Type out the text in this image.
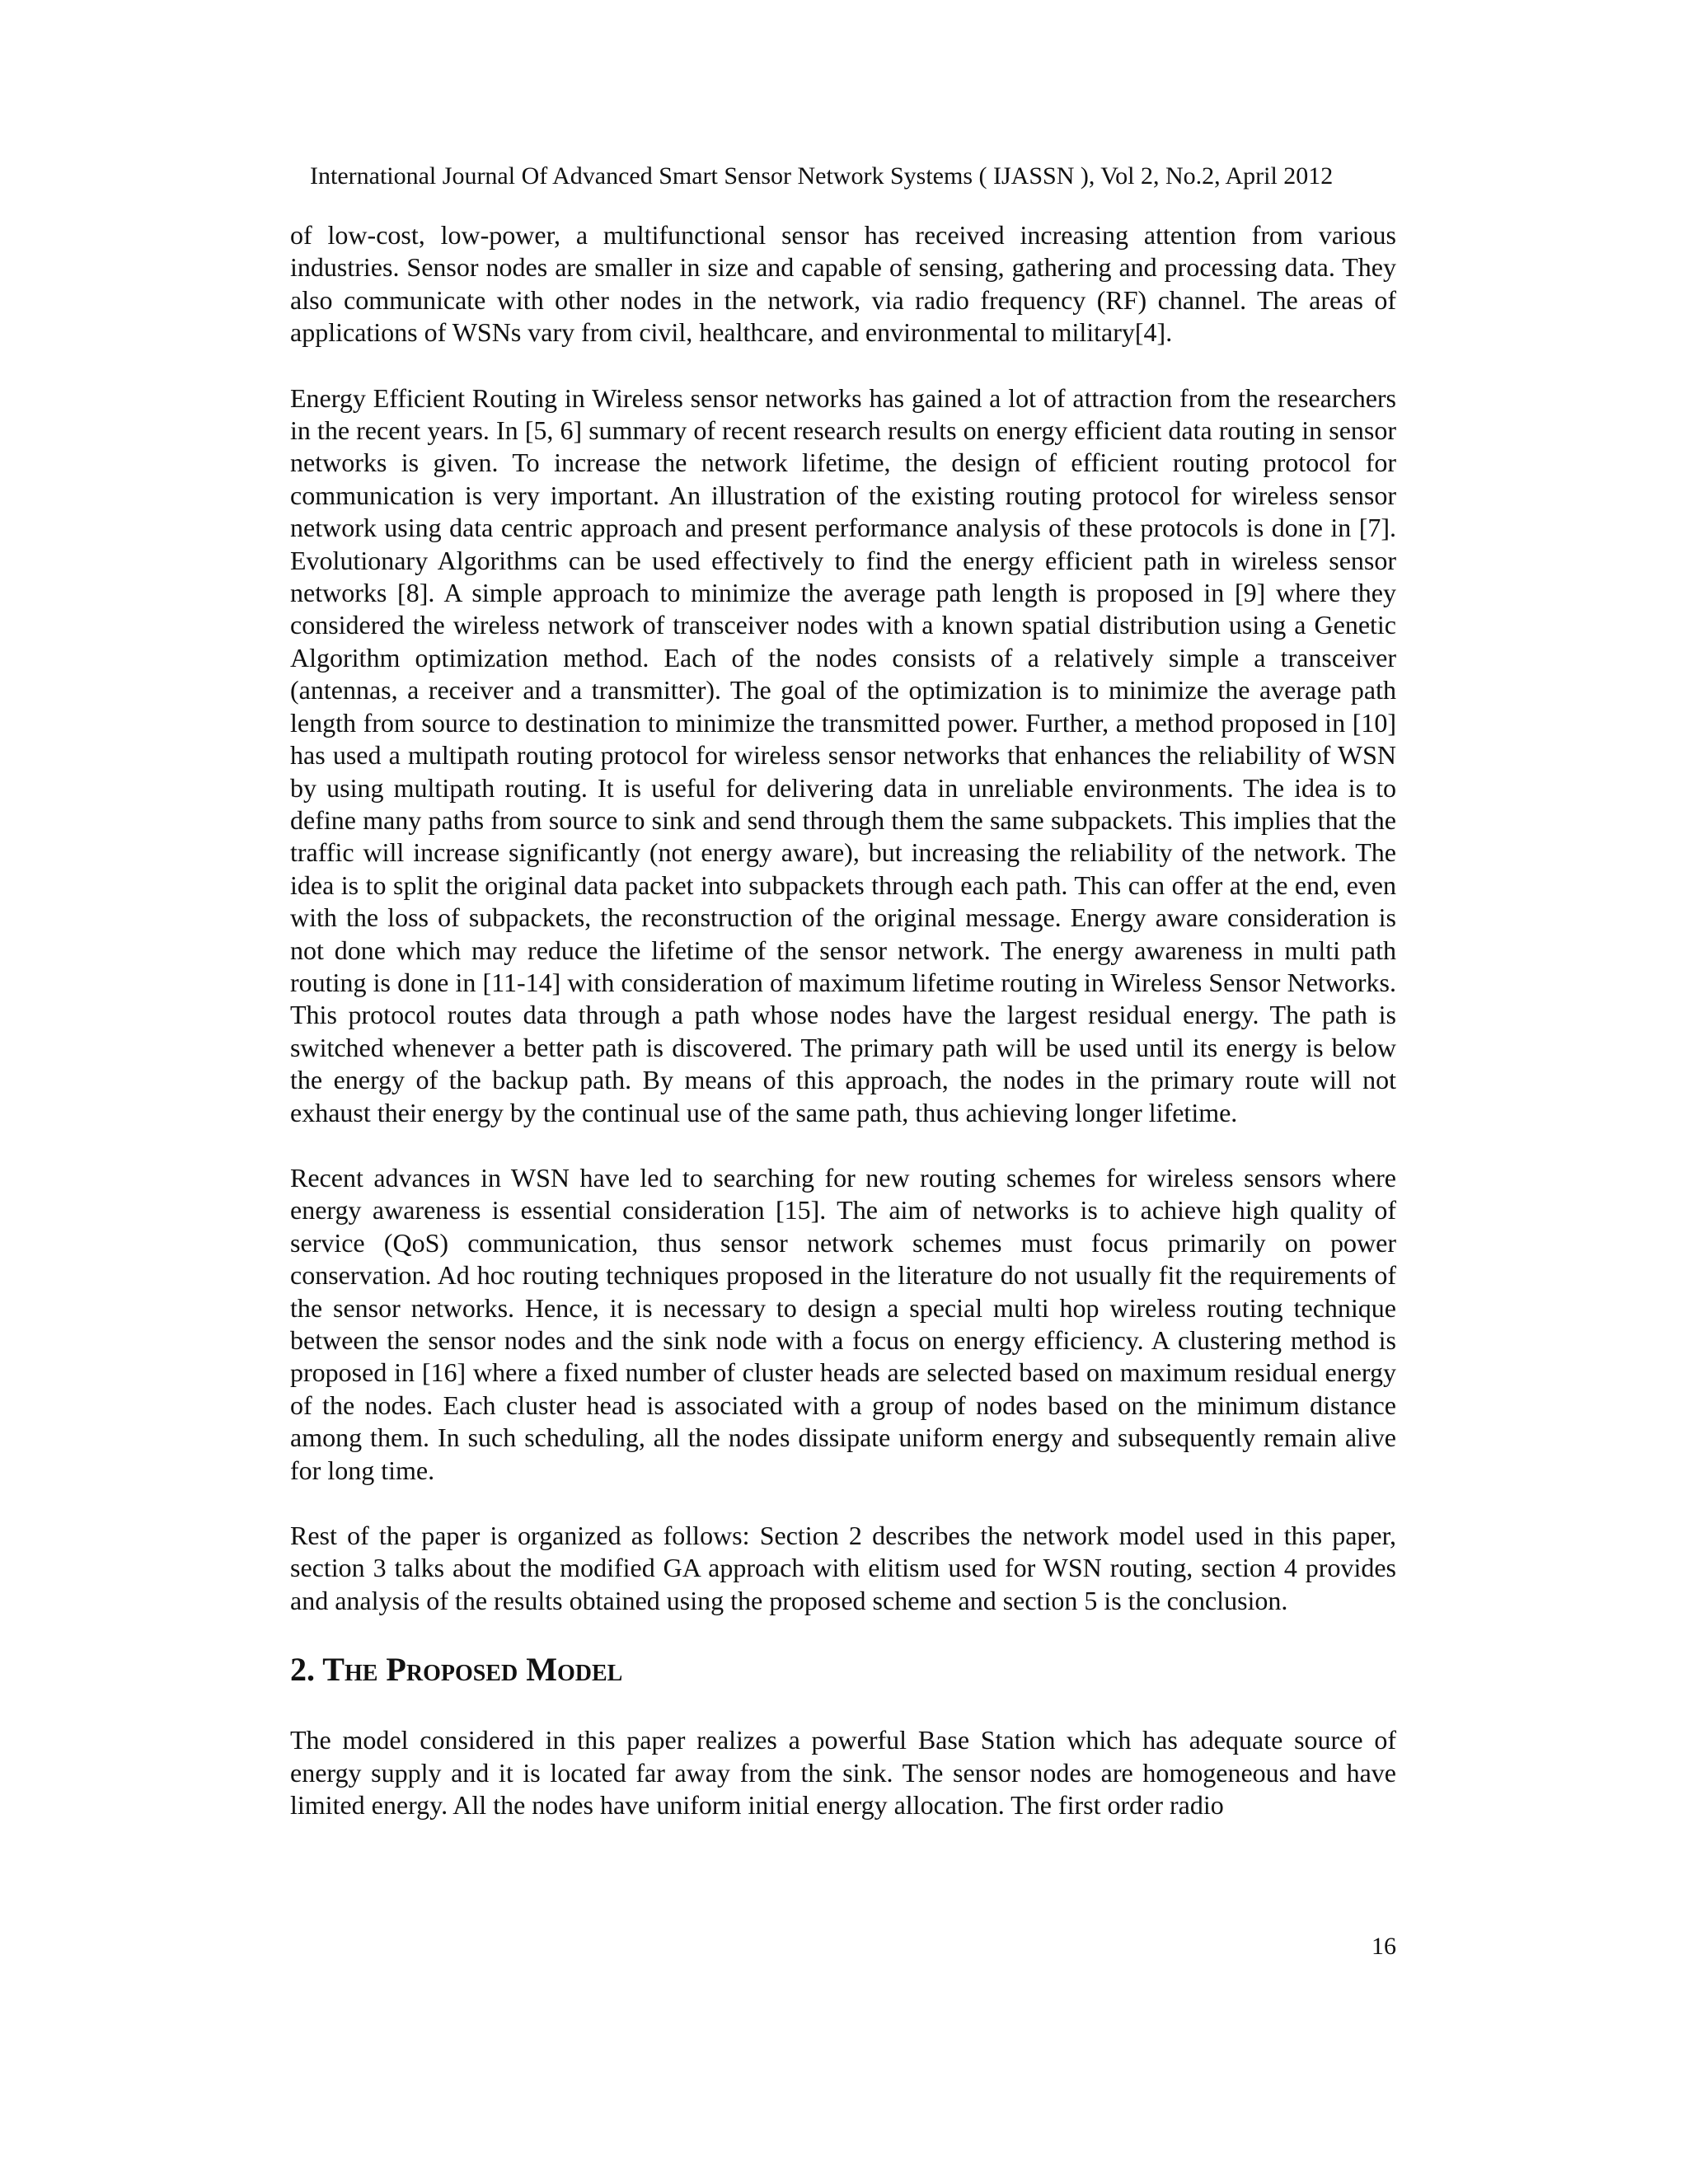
International Journal Of Advanced Smart Sensor Network Systems ( IJASSN ), Vol 2, No.2, April 2012

of low-cost, low-power, a multifunctional sensor has received increasing attention from various industries. Sensor nodes are smaller in size and capable of sensing, gathering and processing data. They also communicate with other nodes in the network, via radio frequency (RF) channel. The areas of applications of WSNs vary from civil, healthcare, and environmental to military[4].

Energy Efficient Routing in Wireless sensor networks has gained a lot of attraction from the researchers in the recent years. In [5, 6] summary of recent research results on energy efficient data routing in sensor networks is given. To increase the network lifetime, the design of efficient routing protocol for communication is very important. An illustration of the existing routing protocol for wireless sensor network using data centric approach and present performance analysis of these protocols is done in [7]. Evolutionary Algorithms can be used effectively to find the energy efficient path in wireless sensor networks [8]. A simple approach to minimize the average path length is proposed in [9] where they considered the wireless network of transceiver nodes with a known spatial distribution using a Genetic Algorithm optimization method. Each of the nodes consists of a relatively simple a transceiver (antennas, a receiver and a transmitter). The goal of the optimization is to minimize the average path length from source to destination to minimize the transmitted power. Further, a method proposed in [10] has used a multipath routing protocol for wireless sensor networks that enhances the reliability of WSN by using multipath routing. It is useful for delivering data in unreliable environments. The idea is to define many paths from source to sink and send through them the same subpackets. This implies that the traffic will increase significantly (not energy aware), but increasing the reliability of the network. The idea is to split the original data packet into subpackets through each path. This can offer at the end, even with the loss of subpackets, the reconstruction of the original message. Energy aware consideration is not done which may reduce the lifetime of the sensor network. The energy awareness in multi path routing is done in [11-14] with consideration of maximum lifetime routing in Wireless Sensor Networks. This protocol routes data through a path whose nodes have the largest residual energy. The path is switched whenever a better path is discovered. The primary path will be used until its energy is below the energy of the backup path. By means of this approach, the nodes in the primary route will not exhaust their energy by the continual use of the same path, thus achieving longer lifetime.

Recent advances in WSN have led to searching for new routing schemes for wireless sensors where energy awareness is essential consideration [15]. The aim of networks is to achieve high quality of service (QoS) communication, thus sensor network schemes must focus primarily on power conservation. Ad hoc routing techniques proposed in the literature do not usually fit the requirements of the sensor networks. Hence, it is necessary to design a special multi hop wireless routing technique between the sensor nodes and the sink node with a focus on energy efficiency. A clustering method is proposed in [16] where a fixed number of cluster heads are selected based on maximum residual energy of the nodes. Each cluster head is associated with a group of nodes based on the minimum distance among them. In such scheduling, all the nodes dissipate uniform energy and subsequently remain alive for long time.

Rest of the paper is organized as follows: Section 2 describes the network model used in this paper, section 3 talks about the modified GA approach with elitism used for WSN routing, section 4 provides and analysis of the results obtained using the proposed scheme and section 5 is the conclusion.

2. The Proposed Model

The model considered in this paper realizes a powerful Base Station which has adequate source of energy supply and it is located far away from the sink. The sensor nodes are homogeneous and have limited energy. All the nodes have uniform initial energy allocation. The first order radio

16
